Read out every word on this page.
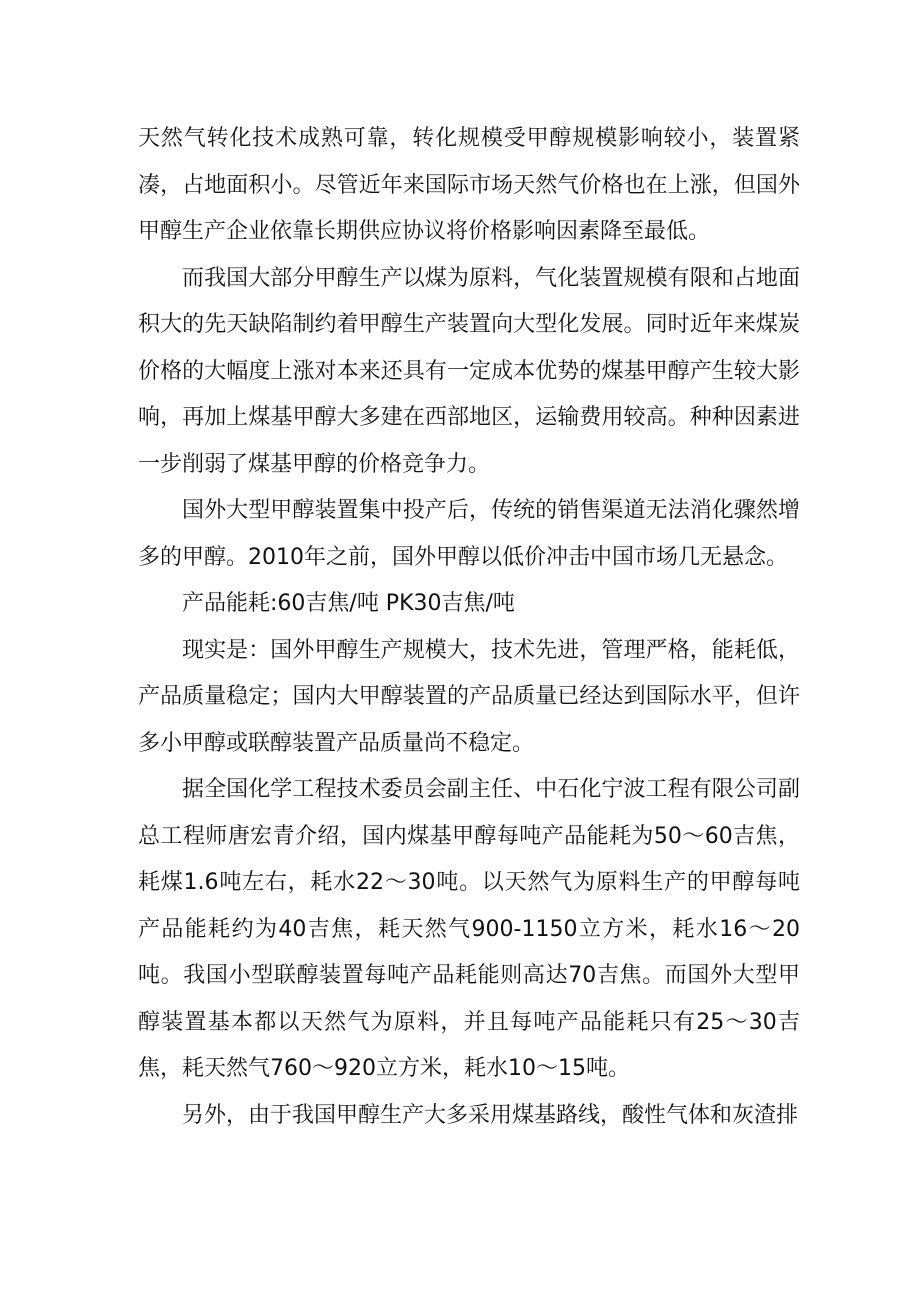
天然气转化技术成熟可靠，转化规模受甲醇规模影响较小，装置紧凑，占地面积小。尽管近年来国际市场天然气价格也在上涨，但国外甲醇生产企业依靠长期供应协议将价格影响因素降至最低。

而我国大部分甲醇生产以煤为原料，气化装置规模有限和占地面积大的先天缺陷制约着甲醇生产装置向大型化发展。同时近年来煤炭价格的大幅度上涨对本来还具有一定成本优势的煤基甲醇产生较大影响，再加上煤基甲醇大多建在西部地区，运输费用较高。种种因素进一步削弱了煤基甲醇的价格竞争力。

国外大型甲醇装置集中投产后，传统的销售渠道无法消化骤然增多的甲醇。2010年之前，国外甲醇以低价冲击中国市场几无悬念。

产品能耗:60吉焦/吨 PK30吉焦/吨

现实是：国外甲醇生产规模大，技术先进，管理严格，能耗低，产品质量稳定；国内大甲醇装置的产品质量已经达到国际水平，但许多小甲醇或联醇装置产品质量尚不稳定。

据全国化学工程技术委员会副主任、中石化宁波工程有限公司副总工程师唐宏青介绍，国内煤基甲醇每吨产品能耗为50～60吉焦，耗煤1.6吨左右，耗水22～30吨。以天然气为原料生产的甲醇每吨产品能耗约为40吉焦，耗天然气900-1150立方米，耗水16～20吨。我国小型联醇装置每吨产品耗能则高达70吉焦。而国外大型甲醇装置基本都以天然气为原料，并且每吨产品能耗只有25～30吉焦，耗天然气760～920立方米，耗水10～15吨。

另外，由于我国甲醇生产大多采用煤基路线，酸性气体和灰渣排
